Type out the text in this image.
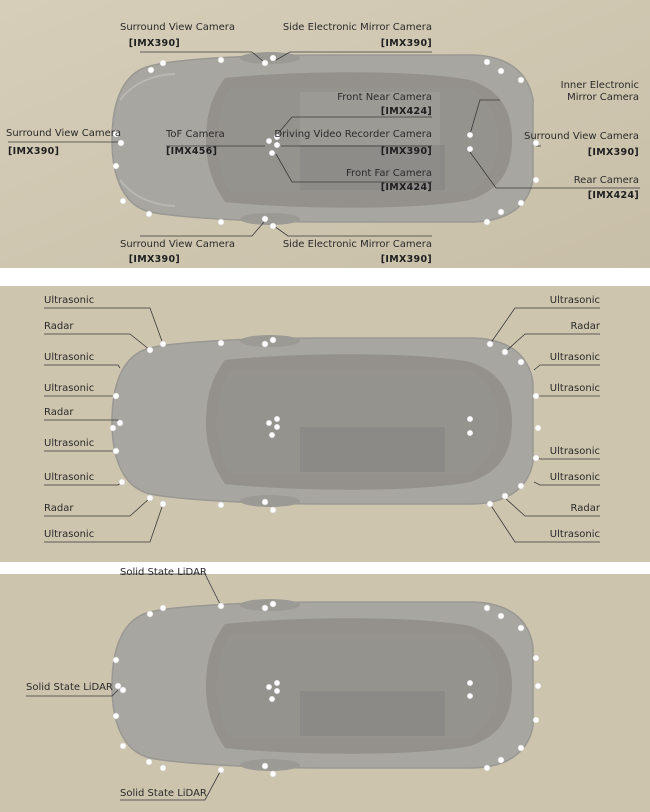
Surround View Camera
[IMX390]
Side Electronic Mirror Camera
[IMX390]
Front Near Camera
[IMX424]
Inner Electronic
Mirror Camera
Surround View Camera
[IMX390]
ToF Camera
[IMX456]
Driving Video Recorder Camera
[IMX390]
Surround View Camera
[IMX390]
Front Far Camera
[IMX424]
Rear Camera
[IMX424]
Surround View Camera
[IMX390]
Side Electronic Mirror Camera
[IMX390]
Ultrasonic
Radar
Ultrasonic
Ultrasonic
Radar
Ultrasonic
Ultrasonic
Radar
Ultrasonic
Ultrasonic
Radar
Ultrasonic
Ultrasonic
Ultrasonic
Ultrasonic
Radar
Ultrasonic
Solid State LiDAR
Solid State LiDAR
Solid State LiDAR
